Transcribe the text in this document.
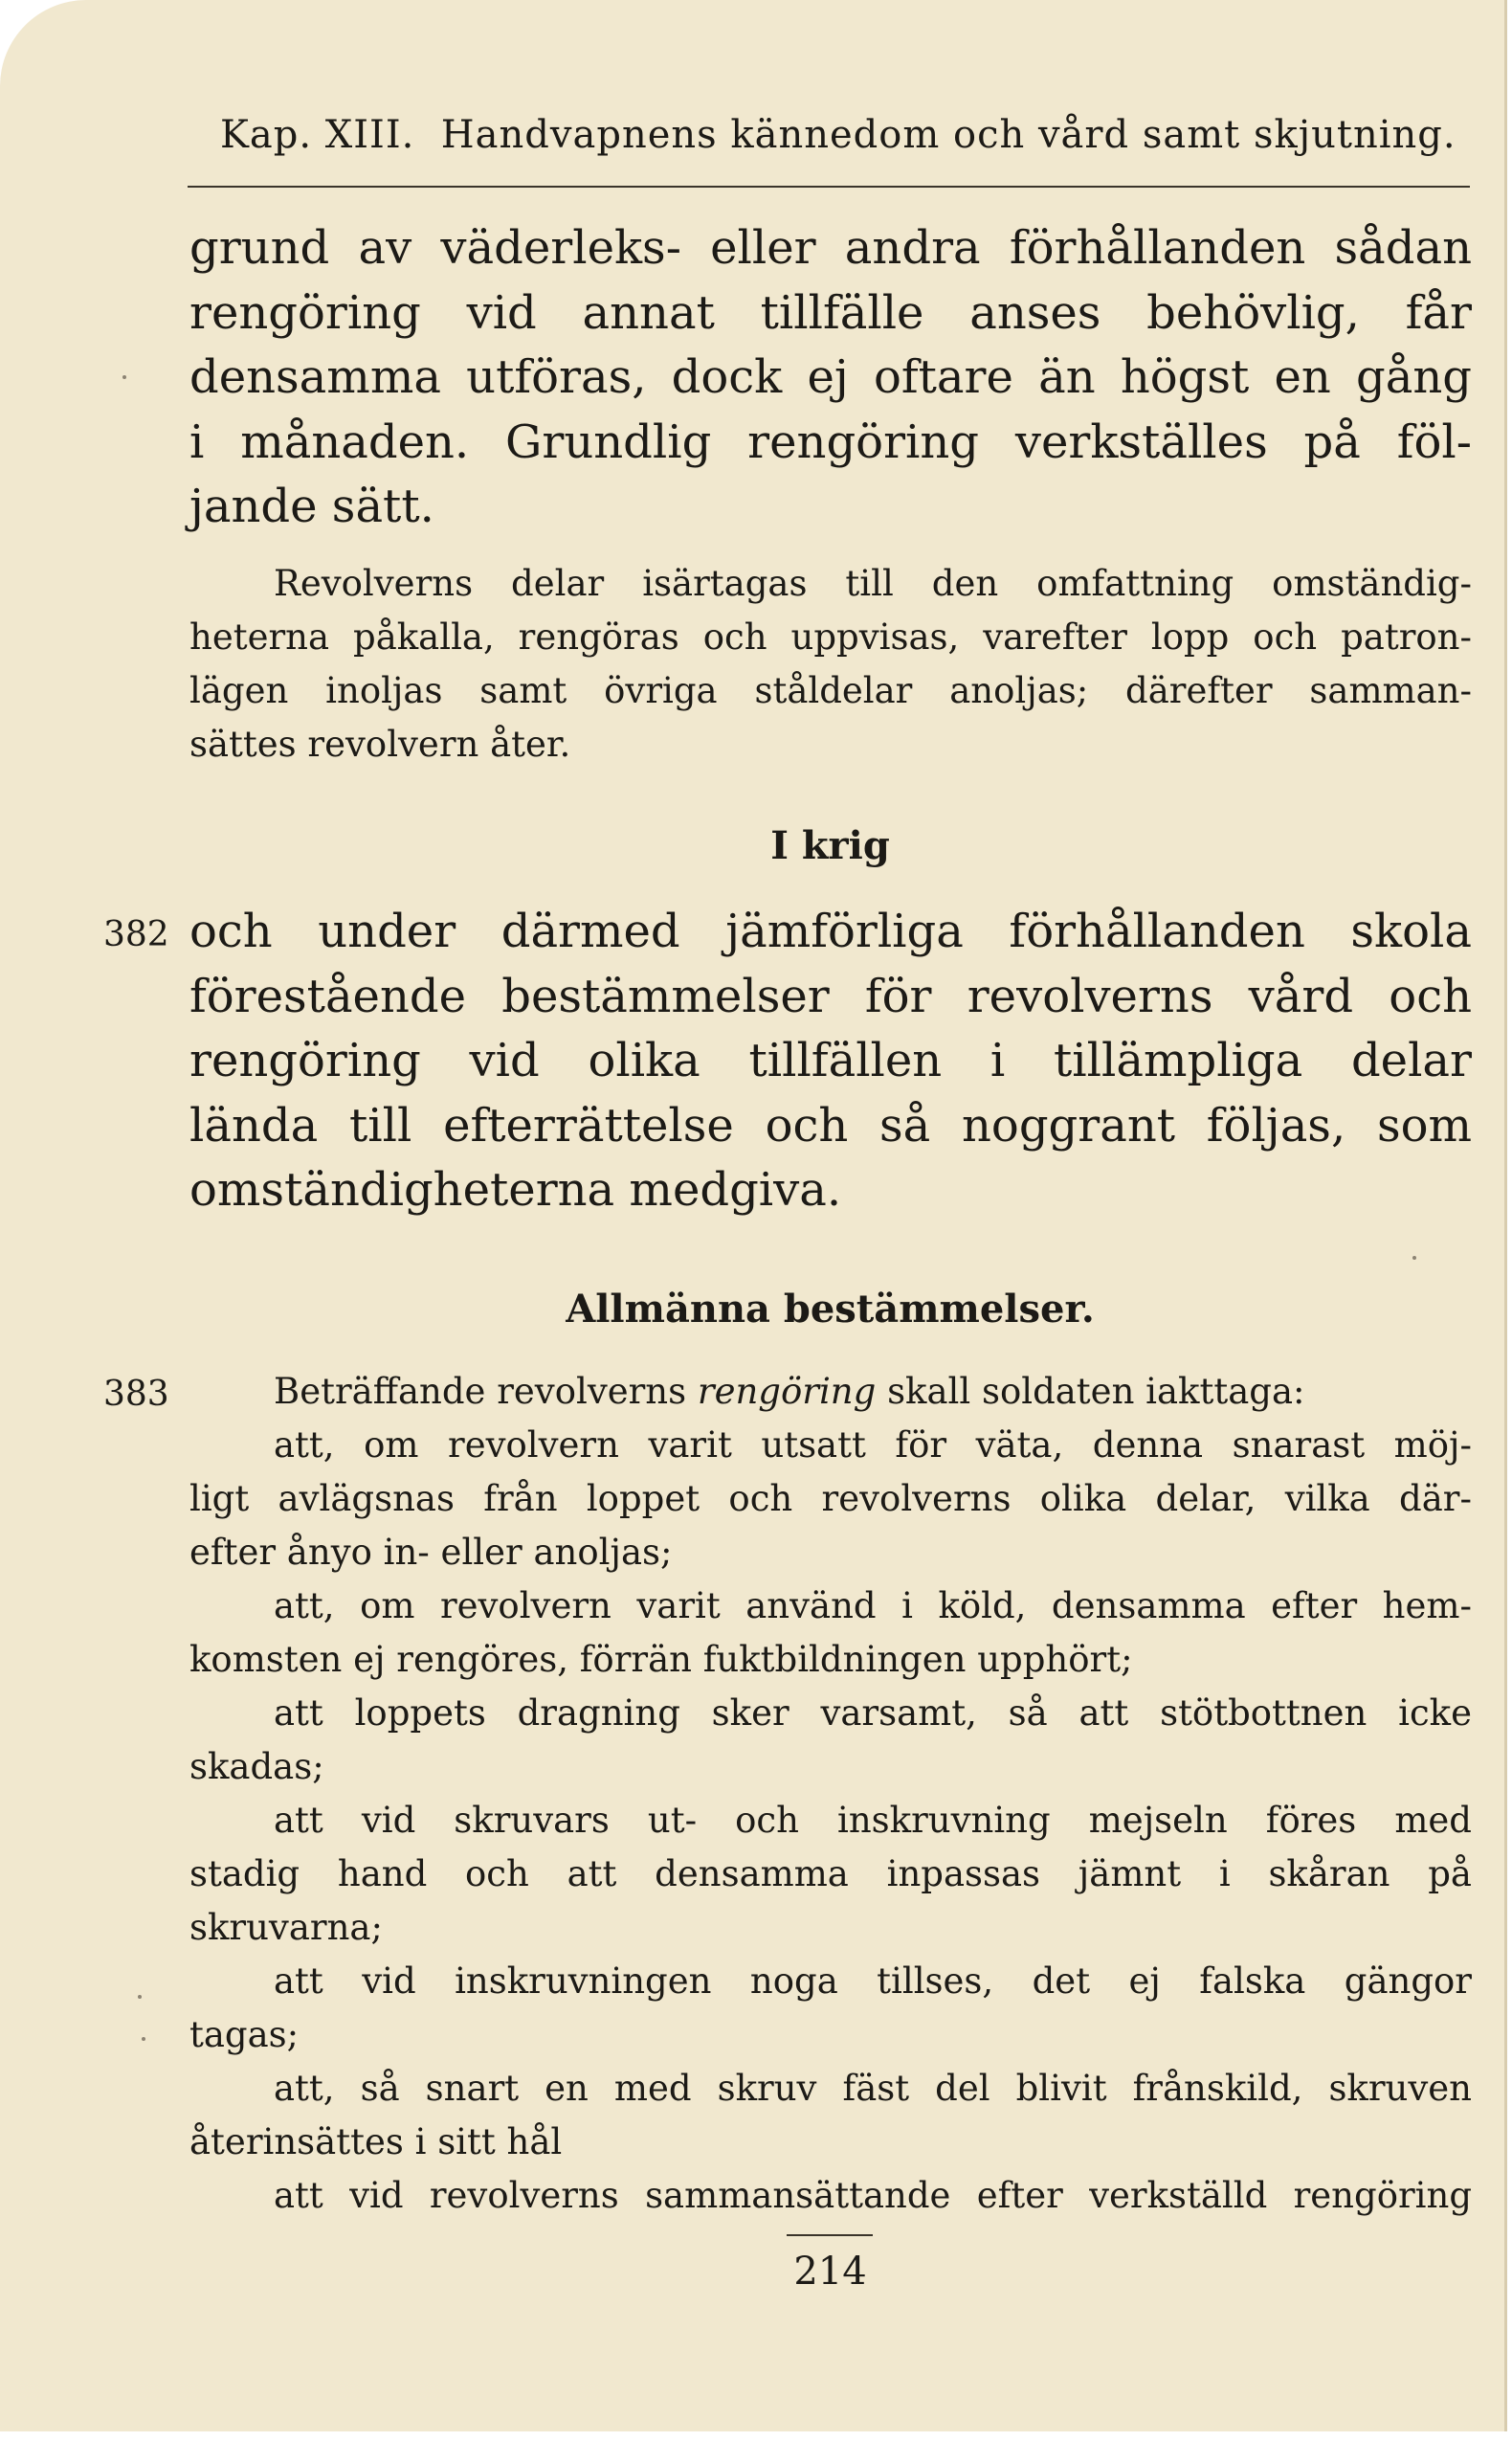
Kap. XIII. Handvapnens kännedom och vård samt skjutning.
grund av väderleks- eller andra förhållanden sådan
rengöring vid annat tillfälle anses behövlig, får
densamma utföras, dock ej oftare än högst en gång
i månaden. Grundlig rengöring verkställes på föl-
jande sätt.
Revolverns delar isärtagas till den omfattning omständig-
heterna påkalla, rengöras och uppvisas, varefter lopp och patron-
lägen inoljas samt övriga ståldelar anoljas; därefter samman-
sättes revolvern åter.
I krig
382 och under därmed jämförliga förhållanden skola
förestående bestämmelser för revolverns vård och
rengöring vid olika tillfällen i tillämpliga delar
lända till efterrättelse och så noggrant följas, som
omständigheterna medgiva.
Allmänna bestämmelser.
383	Beträffande revolverns rengöring skall soldaten iakttaga:
att, om revolvern varit utsatt för väta, denna snarast möj-
ligt avlägsnas från loppet och revolverns olika delar, vilka där-
efter ånyo in- eller anoljas;
att, om revolvern varit använd i köld, densamma efter hem-
komsten ej rengöres, förrän fuktbildningen upphört;
att loppets dragning sker varsamt, så att stötbottnen icke
skadas;
att vid skruvars ut- och inskruvning mejseln föres med
stadig hand och att densamma inpassas jämnt i skåran på
skruvarna;
att vid inskruvningen noga tillses, det ej falska gängor
tagas;
att, så snart en med skruv fäst del blivit frånskild, skruven
återinsättes i sitt hål
att vid revolverns sammansättande efter verkställd rengöring
214
